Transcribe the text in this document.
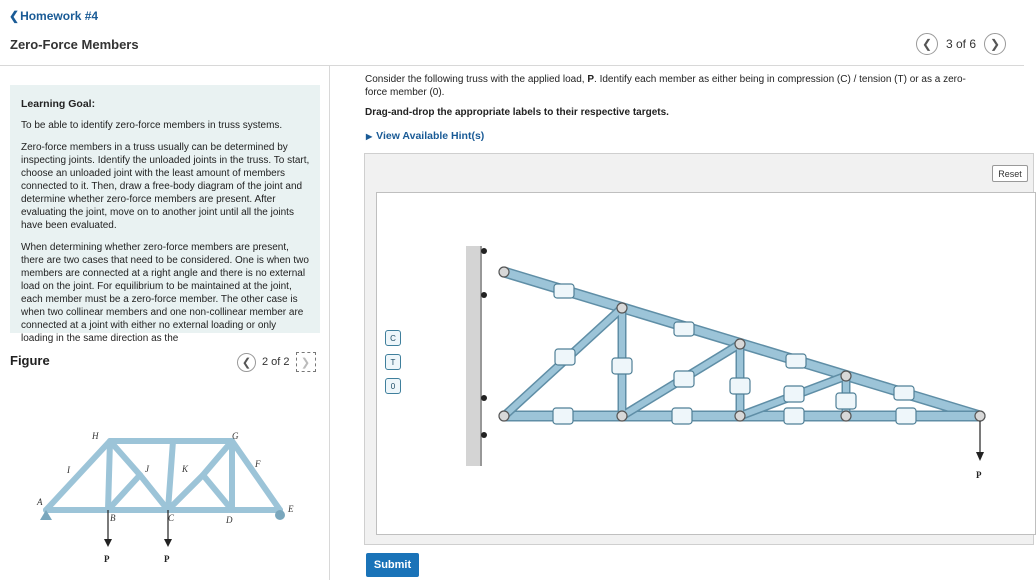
❮Homework #4
Zero-Force Members	❮ 3 of 6 ❯
Learning Goal:

To be able to identify zero-force members in truss systems.

Zero-force members in a truss usually can be determined by inspecting joints. Identify the unloaded joints in the truss. To start, choose an unloaded joint with the least amount of members connected to it. Then, draw a free-body diagram of the joint and determine whether zero-force members are present. After evaluating the joint, move on to another joint until all the joints have been evaluated.

When determining whether zero-force members are present, there are two cases that need to be considered. One is when two members are connected at a right angle and there is no external load on the joint. For equilibrium to be maintained at the joint, each member must be a zero-force member. The other case is when two collinear members and one non-collinear member are connected at a joint with either no external loading or only loading in the same direction as the

Figure	❮ 2 of 2 ❯
H	G
I	J	K	F
A
B	C	D
E
P	P
Consider the following truss with the applied load, P. Identify each member as either being in compression (C) / tension (T) or as a zero-force member (0).
Drag-and-drop the appropriate labels to their respective targets.
▶ View Available Hint(s)
Reset
C
T
0
P
Submit
